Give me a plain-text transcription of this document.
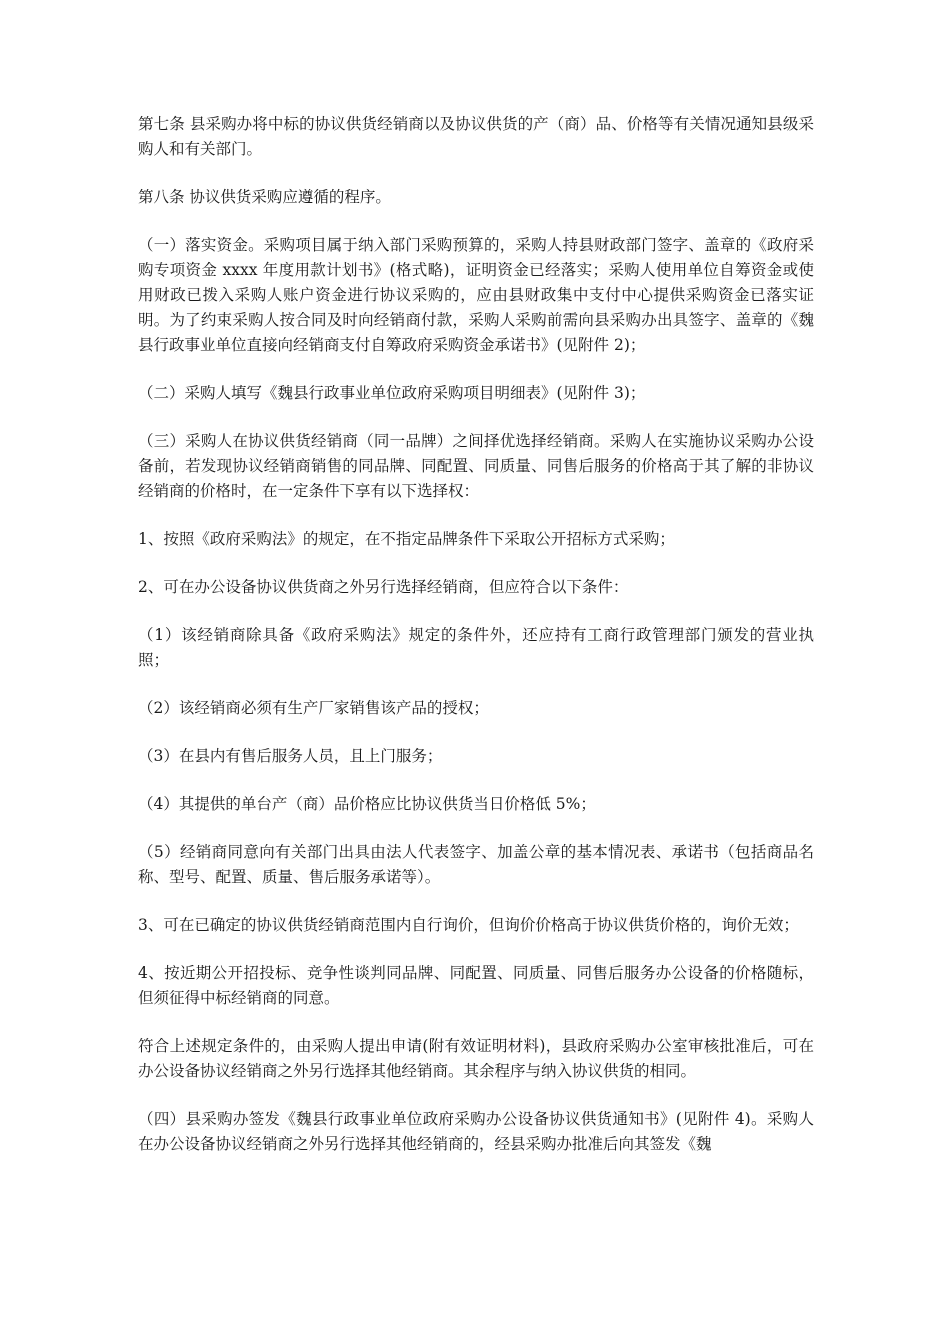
第七条 县采购办将中标的协议供货经销商以及协议供货的产（商）品、价格等有关情况通知县级采购人和有关部门。

第八条 协议供货采购应遵循的程序。

（一）落实资金。采购项目属于纳入部门采购预算的，采购人持县财政部门签字、盖章的《政府采购专项资金 xxxx 年度用款计划书》(格式略)，证明资金已经落实；采购人使用单位自筹资金或使用财政已拨入采购人账户资金进行协议采购的，应由县财政集中支付中心提供采购资金已落实证明。为了约束采购人按合同及时向经销商付款，采购人采购前需向县采购办出具签字、盖章的《魏县行政事业单位直接向经销商支付自筹政府采购资金承诺书》(见附件 2)；

（二）采购人填写《魏县行政事业单位政府采购项目明细表》(见附件 3)；

（三）采购人在协议供货经销商（同一品牌）之间择优选择经销商。采购人在实施协议采购办公设备前，若发现协议经销商销售的同品牌、同配置、同质量、同售后服务的价格高于其了解的非协议经销商的价格时，在一定条件下享有以下选择权：

1、按照《政府采购法》的规定，在不指定品牌条件下采取公开招标方式采购；

2、可在办公设备协议供货商之外另行选择经销商，但应符合以下条件：

（1）该经销商除具备《政府采购法》规定的条件外，还应持有工商行政管理部门颁发的营业执照；

（2）该经销商必须有生产厂家销售该产品的授权；

（3）在县内有售后服务人员，且上门服务；

（4）其提供的单台产（商）品价格应比协议供货当日价格低 5%；

（5）经销商同意向有关部门出具由法人代表签字、加盖公章的基本情况表、承诺书（包括商品名称、型号、配置、质量、售后服务承诺等）。

3、可在已确定的协议供货经销商范围内自行询价，但询价价格高于协议供货价格的，询价无效；

4、按近期公开招投标、竞争性谈判同品牌、同配置、同质量、同售后服务办公设备的价格随标，但须征得中标经销商的同意。

符合上述规定条件的，由采购人提出申请(附有效证明材料)，县政府采购办公室审核批准后，可在办公设备协议经销商之外另行选择其他经销商。其余程序与纳入协议供货的相同。

（四）县采购办签发《魏县行政事业单位政府采购办公设备协议供货通知书》(见附件 4)。采购人在办公设备协议经销商之外另行选择其他经销商的，经县采购办批准后向其签发《魏
